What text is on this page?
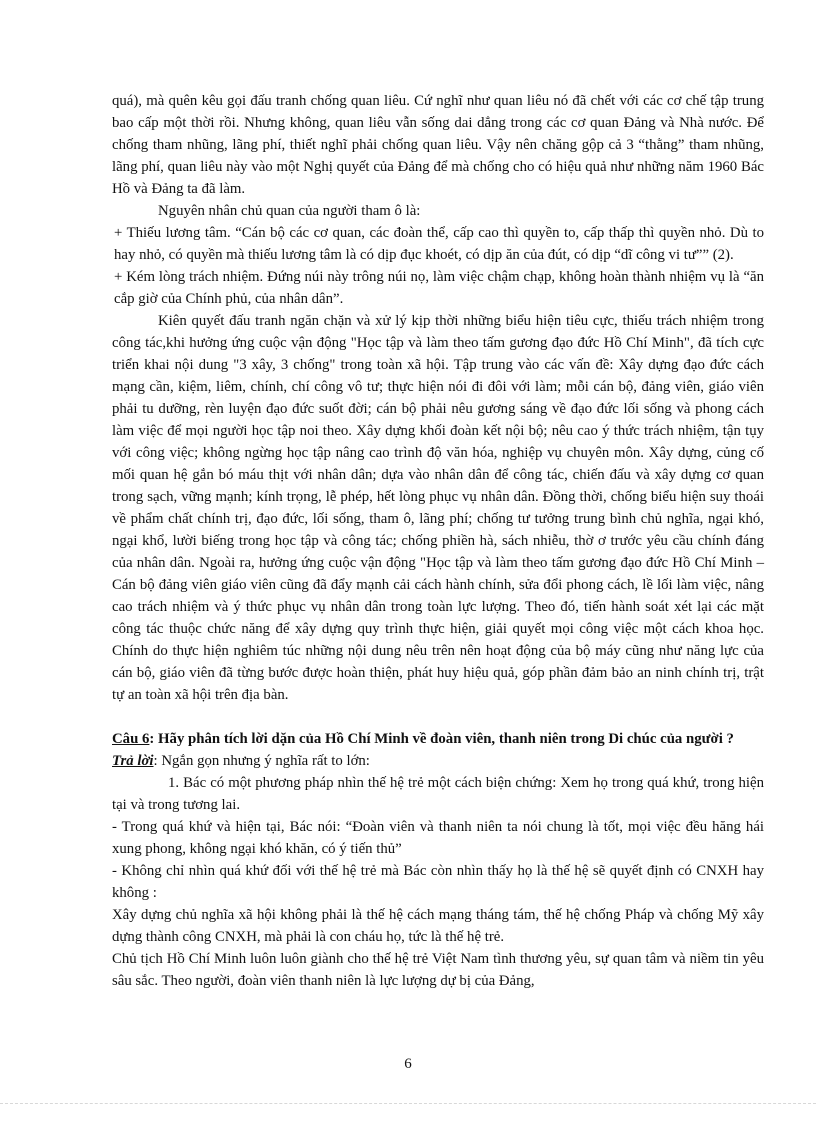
quá), mà quên kêu gọi đấu tranh chống quan liêu. Cứ nghĩ như quan liêu nó đã chết với các cơ chế tập trung bao cấp một thời rồi. Nhưng không, quan liêu vẫn sống dai dẳng trong các cơ quan Đảng và Nhà nước. Để chống tham nhũng, lãng phí, thiết nghĩ phải chống quan liêu. Vậy nên chăng gộp cả 3 “thằng” tham nhũng, lãng phí, quan liêu này vào một Nghị quyết của Đảng để mà chống cho có hiệu quả như những năm 1960 Bác Hồ và Đảng ta đã làm.

Nguyên nhân chủ quan của người tham ô là:

+ Thiếu lương tâm. “Cán bộ các cơ quan, các đoàn thể, cấp cao thì quyền to, cấp thấp thì quyền nhỏ. Dù to hay nhỏ, có quyền mà thiếu lương tâm là có dịp đục khoét, có dịp ăn của đút, có dịp “dĩ công vi tư”” (2).

+ Kém lòng trách nhiệm. Đứng núi này trông núi nọ, làm việc chậm chạp, không hoàn thành nhiệm vụ là “ăn cắp giờ của Chính phủ, của nhân dân”.

Kiên quyết đấu tranh ngăn chặn và xử lý kịp thời những biểu hiện tiêu cực, thiếu trách nhiệm trong công tác,khi hưởng ứng cuộc vận động "Học tập và làm theo tấm gương đạo đức Hồ Chí Minh", đã tích cực triển khai nội dung "3 xây, 3 chống" trong toàn xã hội. Tập trung vào các vấn đề: Xây dựng đạo đức cách mạng cần, kiệm, liêm, chính, chí công vô tư; thực hiện nói đi đôi với làm; mỗi cán bộ, đảng viên, giáo viên phải tu dưỡng, rèn luyện đạo đức suốt đời; cán bộ phải nêu gương sáng về đạo đức lối sống và phong cách làm việc để mọi người học tập noi theo. Xây dựng khối đoàn kết nội bộ; nêu cao ý thức trách nhiệm, tận tụy với công việc; không ngừng học tập nâng cao trình độ văn hóa, nghiệp vụ chuyên môn. Xây dựng, củng cố mối quan hệ gắn bó máu thịt với nhân dân; dựa vào nhân dân để công tác, chiến đấu và xây dựng cơ quan trong sạch, vững mạnh; kính trọng, lễ phép, hết lòng phục vụ nhân dân. Đồng thời, chống biểu hiện suy thoái về phẩm chất chính trị, đạo đức, lối sống, tham ô, lãng phí; chống tư tưởng trung bình chủ nghĩa, ngại khó, ngại khổ, lười biếng trong học tập và công tác; chống phiền hà, sách nhiễu, thờ ơ trước yêu cầu chính đáng của nhân dân. Ngoài ra, hưởng ứng cuộc vận động "Học tập và làm theo tấm gương đạo đức Hồ Chí Minh – Cán bộ đảng viên giáo viên cũng đã đẩy mạnh cải cách hành chính, sửa đổi phong cách, lề lối làm việc, nâng cao trách nhiệm và ý thức phục vụ nhân dân trong toàn lực lượng. Theo đó, tiến hành soát xét lại các mặt công tác thuộc chức năng để xây dựng quy trình thực hiện, giải quyết mọi công việc một cách khoa học. Chính do thực hiện nghiêm túc những nội dung nêu trên nên hoạt động của bộ máy cũng như năng lực của cán bộ, giáo viên đã từng bước được hoàn thiện, phát huy hiệu quả, góp phần đảm bảo an ninh chính trị, trật tự an toàn xã hội trên địa bàn.

Câu 6: Hãy phân tích lời dặn của Hồ Chí Minh về đoàn viên, thanh niên trong Di chúc của người ?

Trả lời: Ngắn gọn nhưng ý nghĩa rất to lớn:

1. Bác có một phương pháp nhìn thế hệ trẻ một cách biện chứng: Xem họ trong quá khứ, trong hiện tại và trong tương lai.

- Trong quá khứ và hiện tại, Bác nói: “Đoàn viên và thanh niên ta nói chung là tốt, mọi việc đều hăng hái xung phong, không ngại khó khăn, có ý tiến thủ”

- Không chỉ nhìn quá khứ đối với thế hệ trẻ mà Bác còn nhìn thấy họ là thế hệ sẽ quyết định có CNXH hay không :

Xây dựng chủ nghĩa xã hội không phải là thế hệ cách mạng tháng tám, thế hệ chống Pháp và chống Mỹ xây dựng thành công CNXH, mà phải là con cháu họ, tức là thế hệ trẻ.

Chủ tịch Hồ Chí Minh luôn luôn giành cho thế hệ trẻ Việt Nam tình thương yêu, sự quan tâm và niềm tin yêu sâu sắc. Theo người, đoàn viên thanh niên là lực lượng dự bị của Đảng,

6
